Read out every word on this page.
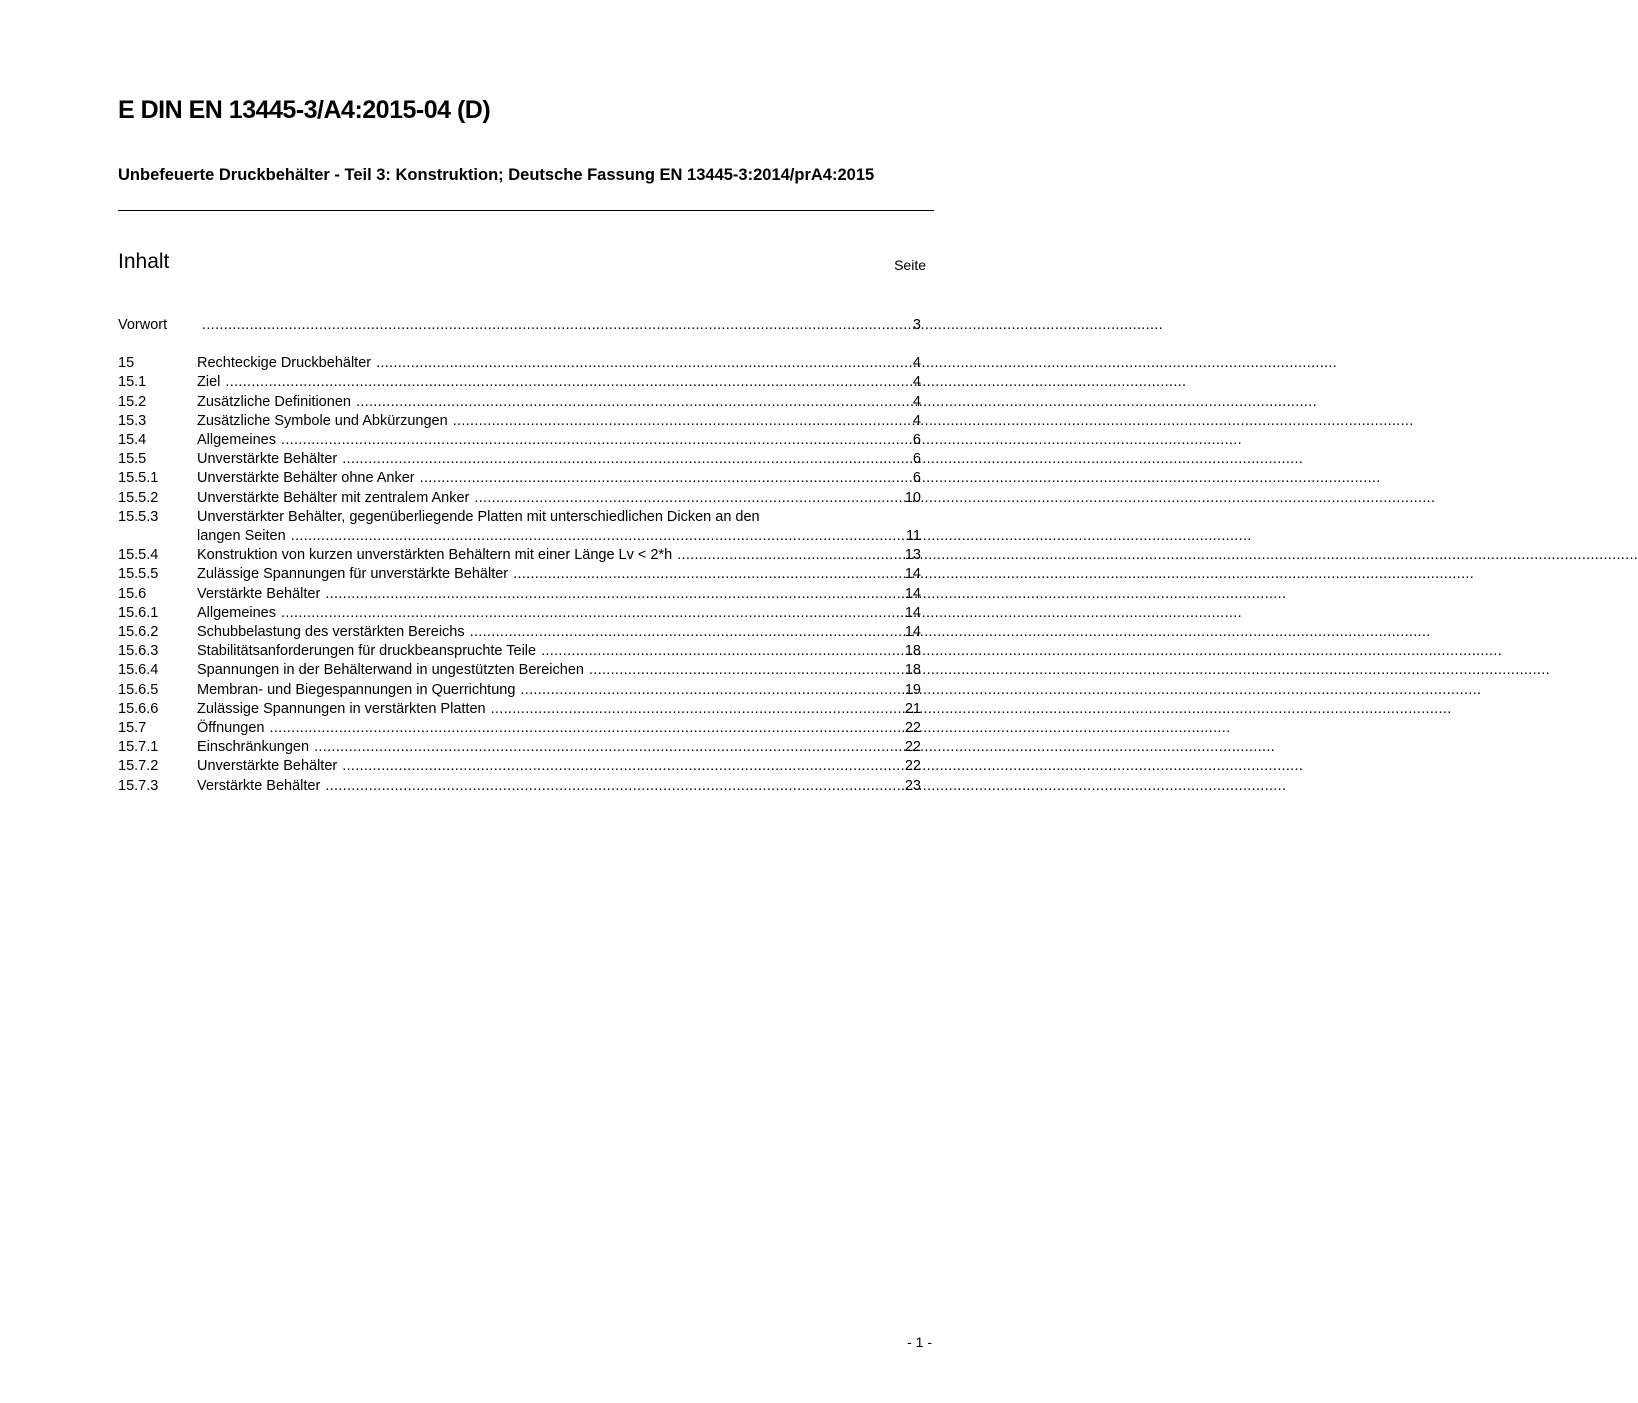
E DIN EN 13445-3/A4:2015-04 (D)
Unbefeuerte Druckbehälter - Teil 3: Konstruktion; Deutsche Fassung EN 13445-3:2014/prA4:2015
Inhalt	Seite
Vorwort .....	3
15	Rechteckige Druckbehälter .....	4
15.1	Ziel .....	4
15.2	Zusätzliche Definitionen .....	4
15.3	Zusätzliche Symbole und Abkürzungen .....	4
15.4	Allgemeines .....	6
15.5	Unverstärkte Behälter .....	6
15.5.1	Unverstärkte Behälter ohne Anker .....	6
15.5.2	Unverstärkte Behälter mit zentralem Anker .....	10
15.5.3	Unverstärkter Behälter, gegenüberliegende Platten mit unterschiedlichen Dicken an den
langen Seiten .....	11
15.5.4	Konstruktion von kurzen unverstärkten Behältern mit einer Länge Lv < 2*h .....	13
15.5.5	Zulässige Spannungen für unverstärkte Behälter .....	14
15.6	Verstärkte Behälter .....	14
15.6.1	Allgemeines .....	14
15.6.2	Schubbelastung des verstärkten Bereichs .....	14
15.6.3	Stabilitätsanforderungen für druckbeanspruchte Teile .....	18
15.6.4	Spannungen in der Behälterwand in ungestützten Bereichen .....	18
15.6.5	Membran- und Biegespannungen in Querrichtung .....	19
15.6.6	Zulässige Spannungen in verstärkten Platten .....	21
15.7	Öffnungen .....	22
15.7.1	Einschränkungen .....	22
15.7.2	Unverstärkte Behälter .....	22
15.7.3	Verstärkte Behälter .....	23
- 1 -
